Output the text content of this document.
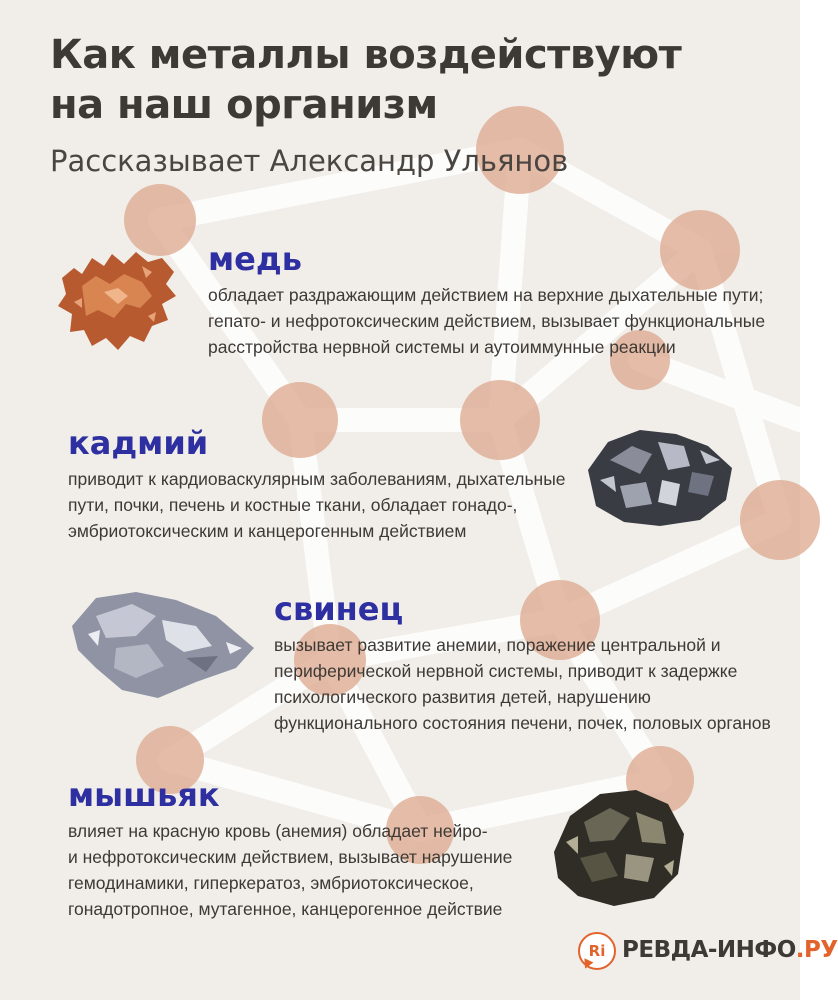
Как металлы воздействуют
на наш организм

Рассказывает Александр Ульянов

медь

обладает раздражающим действием на верхние дыхательные пути;
гепато- и нефротоксическим действием, вызывает функциональные
расстройства нервной системы и аутоиммунные реакции

кадмий

приводит к кардиоваскулярным заболеваниям, дыхательные
пути, почки, печень и костные ткани, обладает гонадо-,
эмбриотоксическим и канцерогенным действием

свинец

вызывает развитие анемии, поражение центральной и
периферической нервной системы, приводит к задержке
психологического развития детей, нарушению
функционального состояния печени, почек, половых органов

мышьяк

влияет на красную кровь (анемия) обладает нейро-
и нефротоксическим действием, вызывает нарушение
гемодинамики, гиперкератоз, эмбриотоксическое,
гонадотропное, мутагенное, канцерогенное действие

Ri РЕВДА-ИНФО.РУ
